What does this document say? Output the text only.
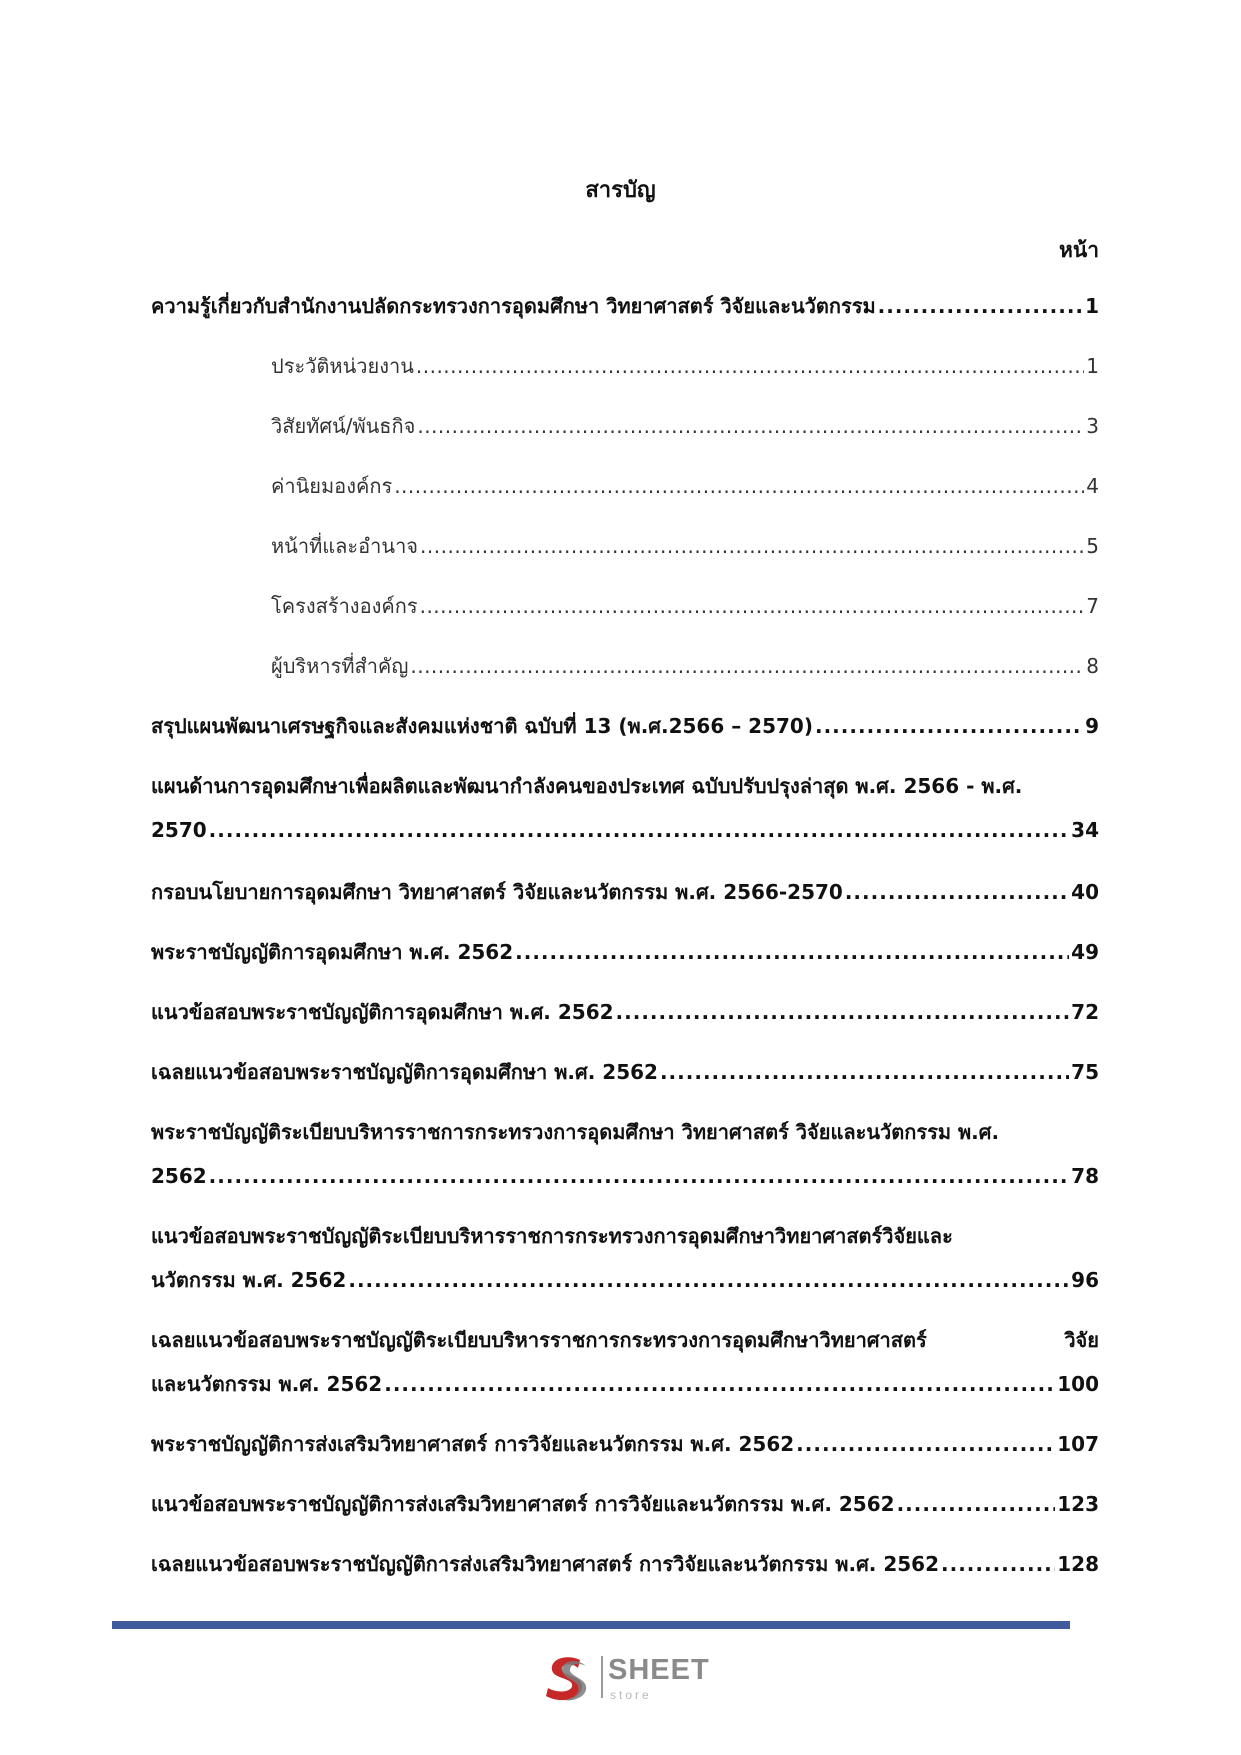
สารบัญ
หน้า
ความรู้เกี่ยวกับสำนักงานปลัดกระทรวงการอุดมศึกษา วิทยาศาสตร์ วิจัยและนวัตกรรม .....	1
ประวัติหน่วยงาน .....	1
วิสัยทัศน์/พันธกิจ .....	3
ค่านิยมองค์กร .....	4
หน้าที่และอำนาจ .....	5
โครงสร้างองค์กร .....	7
ผู้บริหารที่สำคัญ .....	8
สรุปแผนพัฒนาเศรษฐกิจและสังคมแห่งชาติ ฉบับที่ 13 (พ.ศ.2566 – 2570) .....	9
แผนด้านการอุดมศึกษาเพื่อผลิตและพัฒนากำลังคนของประเทศ ฉบับปรับปรุงล่าสุด พ.ศ. 2566 - พ.ศ.
2570 .....	34
กรอบนโยบายการอุดมศึกษา วิทยาศาสตร์ วิจัยและนวัตกรรม พ.ศ. 2566-2570 .....	40
พระราชบัญญัติการอุดมศึกษา พ.ศ. 2562 .....	49
แนวข้อสอบพระราชบัญญัติการอุดมศึกษา พ.ศ. 2562 .....	72
เฉลยแนวข้อสอบพระราชบัญญัติการอุดมศึกษา พ.ศ. 2562 .....	75
พระราชบัญญัติระเบียบบริหารราชการกระทรวงการอุดมศึกษา วิทยาศาสตร์ วิจัยและนวัตกรรม พ.ศ.
2562 .....	78
แนวข้อสอบพระราชบัญญัติระเบียบบริหารราชการกระทรวงการอุดมศึกษาวิทยาศาสตร์วิจัยและ
นวัตกรรม พ.ศ. 2562 .....	96
เฉลยแนวข้อสอบพระราชบัญญัติระเบียบบริหารราชการกระทรวงการอุดมศึกษาวิทยาศาสตร์	วิจัย
และนวัตกรรม พ.ศ. 2562 .....	100
พระราชบัญญัติการส่งเสริมวิทยาศาสตร์ การวิจัยและนวัตกรรม พ.ศ. 2562 .....	107
แนวข้อสอบพระราชบัญญัติการส่งเสริมวิทยาศาสตร์ การวิจัยและนวัตกรรม พ.ศ. 2562 .....	123
เฉลยแนวข้อสอบพระราชบัญญัติการส่งเสริมวิทยาศาสตร์ การวิจัยและนวัตกรรม พ.ศ. 2562 .....	128
SHEET
store
